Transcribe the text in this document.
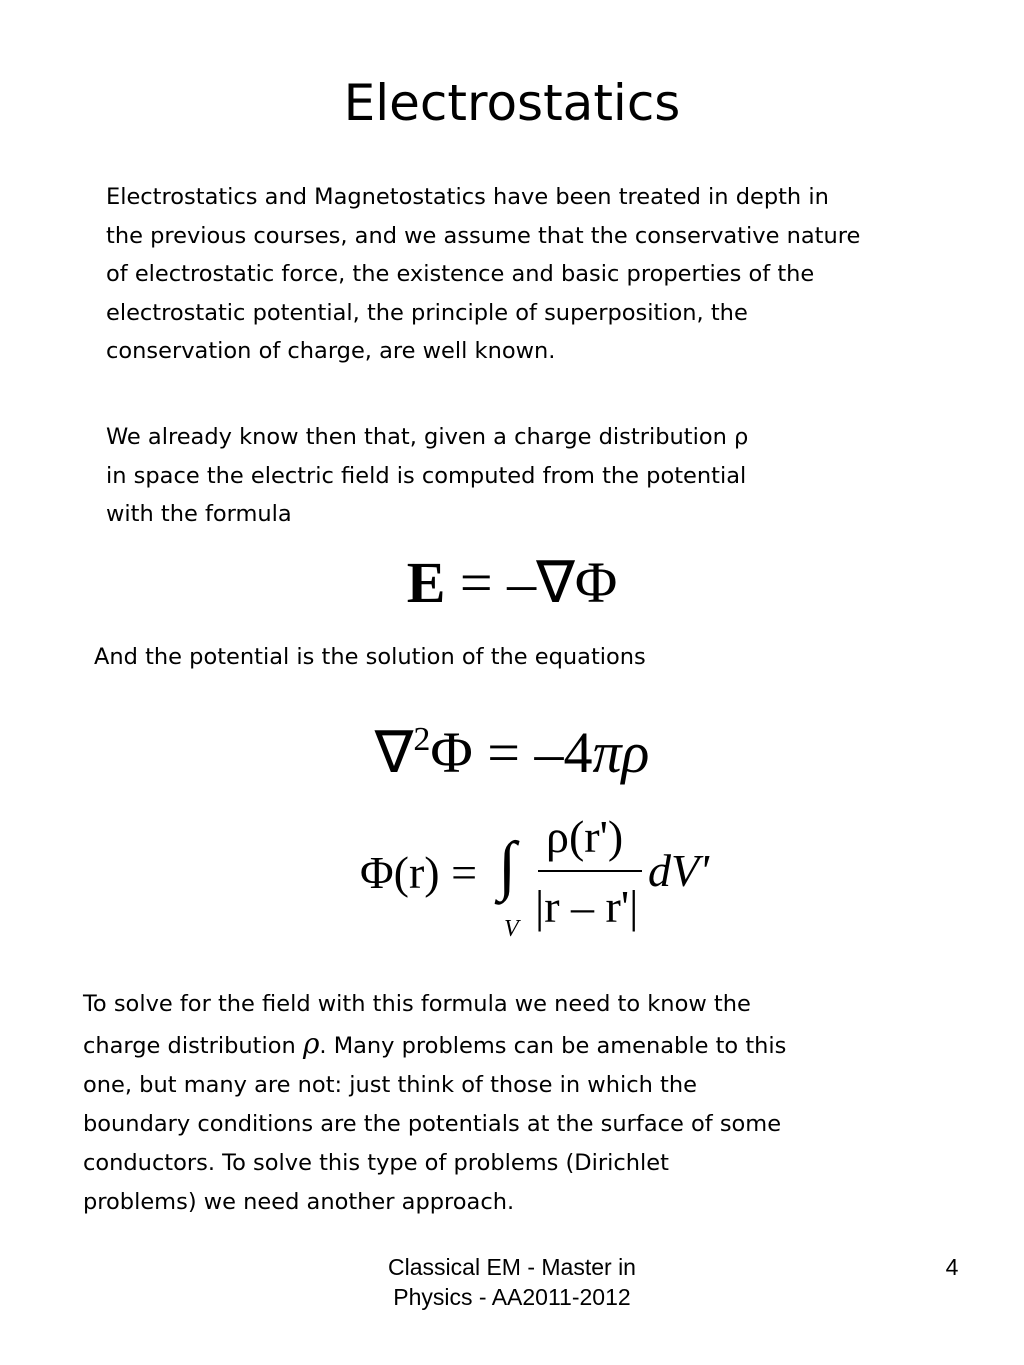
Electrostatics
Electrostatics and Magnetostatics have been treated in depth in
the previous courses, and we assume that the conservative nature
of electrostatic force, the existence and basic properties of the
electrostatic potential, the principle of superposition, the
conservation of charge, are well known.
We already know then that, given a charge distribution ρ
in space the electric field is computed from the potential
with the formula
E = –∇Φ
And the potential is the solution of the equations
∇$^2$Φ = –4πρ
Φ(r) = ∫
V
ρ(r')
|r – r'|
dV'
To solve for the field with this formula we need to know the
charge distribution ρ. Many problems can be amenable to this
one, but many are not: just think of those in which the
boundary conditions are the potentials at the surface of some
conductors. To solve this type of problems (Dirichlet
problems) we need another approach.
Classical EM - Master in
Physics - AA2011-2012
4
